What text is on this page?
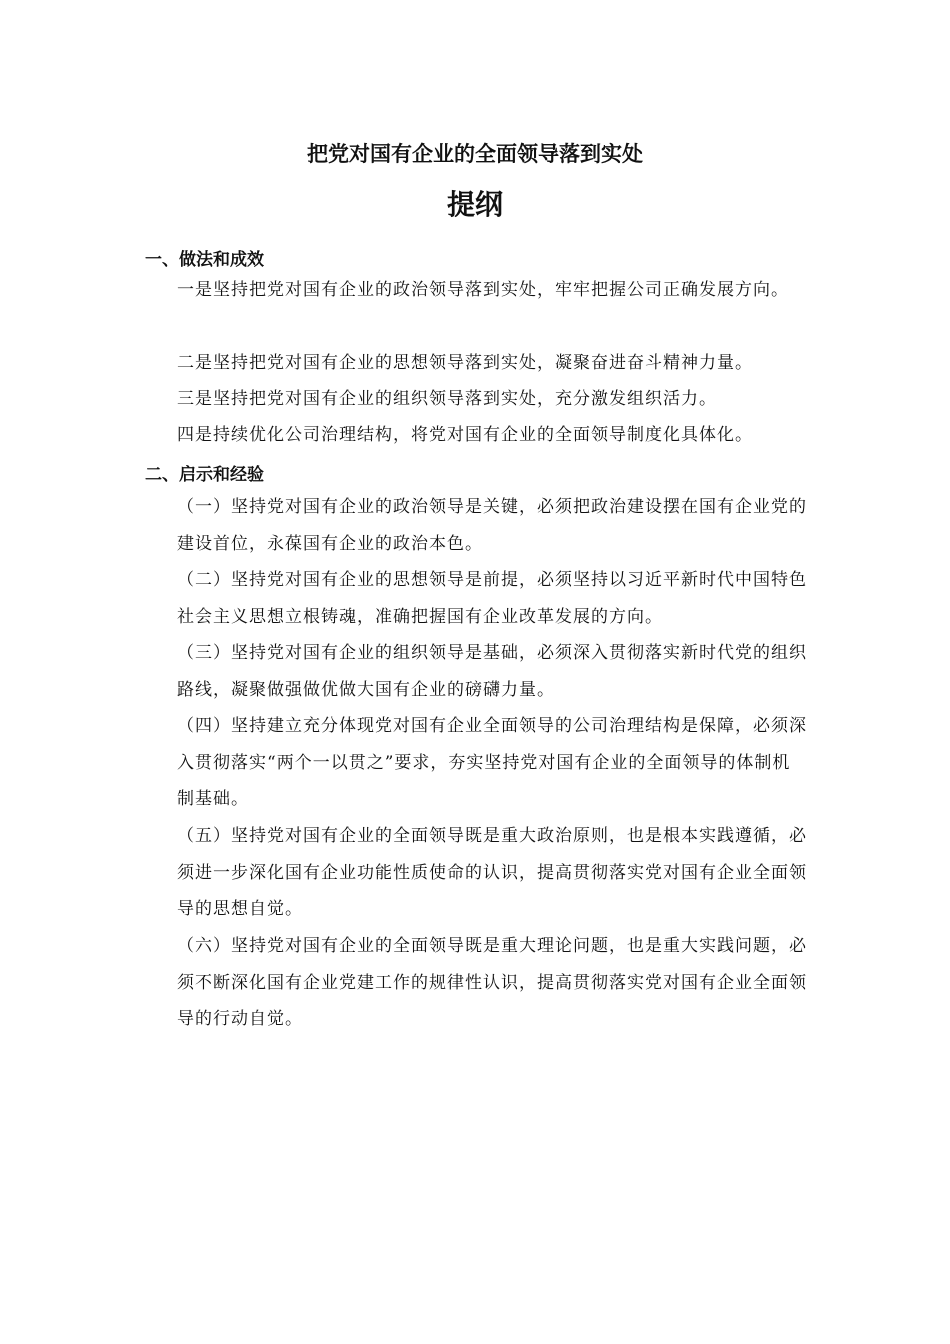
把党对国有企业的全面领导落到实处
提纲
一、做法和成效

一是坚持把党对国有企业的政治领导落到实处，牢牢把握公司正确发展方向。

二是坚持把党对国有企业的思想领导落到实处，凝聚奋进奋斗精神力量。

三是坚持把党对国有企业的组织领导落到实处，充分激发组织活力。

四是持续优化公司治理结构，将党对国有企业的全面领导制度化具体化。

二、启示和经验

（一）坚持党对国有企业的政治领导是关键，必须把政治建设摆在国有企业党的建设首位，永葆国有企业的政治本色。

（二）坚持党对国有企业的思想领导是前提，必须坚持以习近平新时代中国特色社会主义思想立根铸魂，准确把握国有企业改革发展的方向。

（三）坚持党对国有企业的组织领导是基础，必须深入贯彻落实新时代党的组织路线，凝聚做强做优做大国有企业的磅礴力量。

（四）坚持建立充分体现党对国有企业全面领导的公司治理结构是保障，必须深入贯彻落实“两个一以贯之”要求，夯实坚持党对国有企业的全面领导的体制机制基础。

（五）坚持党对国有企业的全面领导既是重大政治原则，也是根本实践遵循，必须进一步深化国有企业功能性质使命的认识，提高贯彻落实党对国有企业全面领导的思想自觉。

（六）坚持党对国有企业的全面领导既是重大理论问题，也是重大实践问题，必须不断深化国有企业党建工作的规律性认识，提高贯彻落实党对国有企业全面领导的行动自觉。
